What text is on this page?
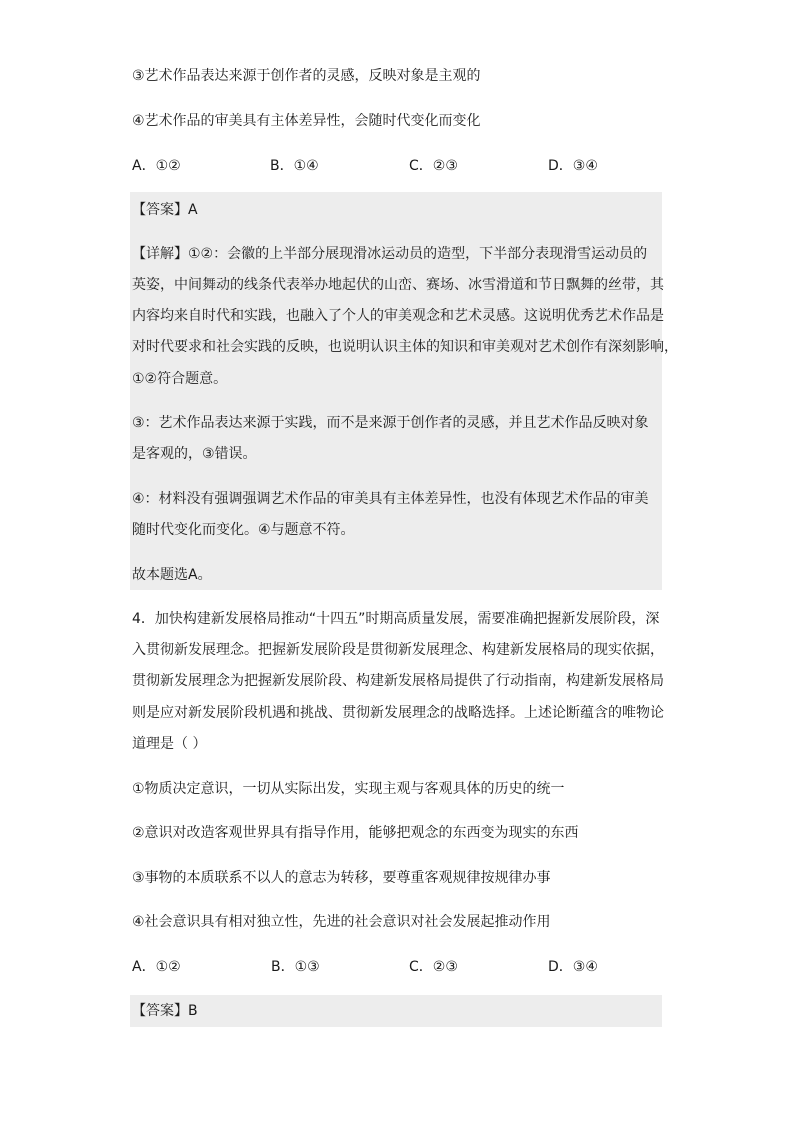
③艺术作品表达来源于创作者的灵感，反映对象是主观的
④艺术作品的审美具有主体差异性，会随时代变化而变化
A．①②	B．①④	C．②③	D．③④
【答案】A
【详解】①②：会徽的上半部分展现滑冰运动员的造型，下半部分表现滑雪运动员的
英姿，中间舞动的线条代表举办地起伏的山峦、赛场、冰雪滑道和节日飘舞的丝带，其
内容均来自时代和实践，也融入了个人的审美观念和艺术灵感。这说明优秀艺术作品是
对时代要求和社会实践的反映，也说明认识主体的知识和审美观对艺术创作有深刻影响，
①②符合题意。
③：艺术作品表达来源于实践，而不是来源于创作者的灵感，并且艺术作品反映对象
是客观的，③错误。
④：材料没有强调强调艺术作品的审美具有主体差异性，也没有体现艺术作品的审美
随时代变化而变化。④与题意不符。
故本题选A。
4．加快构建新发展格局推动“十四五”时期高质量发展，需要准确把握新发展阶段，深
入贯彻新发展理念。把握新发展阶段是贯彻新发展理念、构建新发展格局的现实依据，
贯彻新发展理念为把握新发展阶段、构建新发展格局提供了行动指南，构建新发展格局
则是应对新发展阶段机遇和挑战、贯彻新发展理念的战略选择。上述论断蕴含的唯物论
道理是（ ）
①物质决定意识，一切从实际出发，实现主观与客观具体的历史的统一
②意识对改造客观世界具有指导作用，能够把观念的东西变为现实的东西
③事物的本质联系不以人的意志为转移，要尊重客观规律按规律办事
④社会意识具有相对独立性，先进的社会意识对社会发展起推动作用
A．①②	B．①③	C．②③	D．③④
【答案】B
